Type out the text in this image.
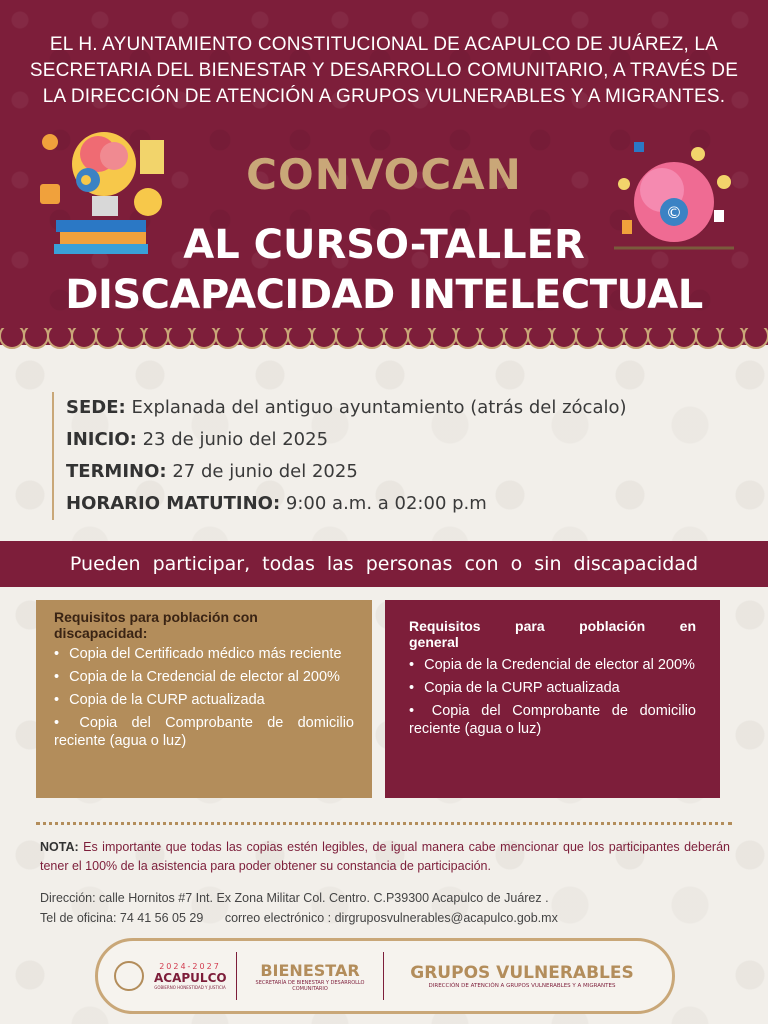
EL H. AYUNTAMIENTO CONSTITUCIONAL DE ACAPULCO DE JUÁREZ, LA SECRETARIA DEL BIENESTAR Y DESARROLLO COMUNITARIO, A TRAVÉS DE LA DIRECCIÓN DE ATENCIÓN A GRUPOS VULNERABLES Y A MIGRANTES.
©
CONVOCAN
AL CURSO-TALLER
DISCAPACIDAD INTELECTUAL
SEDE: Explanada del antiguo ayuntamiento (atrás del zócalo)
INICIO: 23 de junio del 2025
TERMINO: 27 de junio del 2025
HORARIO MATUTINO: 9:00 a.m. a 02:00 p.m
Pueden participar, todas las personas con o sin discapacidad
Requisitos para población con discapacidad:
• Copia del Certificado médico más reciente
• Copia de la Credencial de elector al 200%
• Copia de la CURP actualizada
• Copia del Comprobante de domicilio reciente (agua o luz)
Requisitos para población en general
• Copia de la Credencial de elector al 200%
• Copia de la CURP actualizada
• Copia del Comprobante de domicilio reciente (agua o luz)
NOTA: Es importante que todas las copias estén legibles, de igual manera cabe mencionar que los participantes deberán tener el 100% de la asistencia para poder obtener su constancia de participación.
Dirección: calle Hornitos #7 Int. Ex Zona Militar Col. Centro. C.P39300 Acapulco de Juárez .
Tel de oficina: 74 41 56 05 29 correo electrónico : dirgruposvulnerables@acapulco.gob.mx
2024-2027
ACAPULCO
GOBIERNO HONESTIDAD Y JUSTICIA
BIENESTAR
SECRETARÍA DE BIENESTAR Y DESARROLLO COMUNITARIO
GRUPOS VULNERABLES
DIRECCIÓN DE ATENCIÓN A GRUPOS VULNERABLES Y A MIGRANTES
